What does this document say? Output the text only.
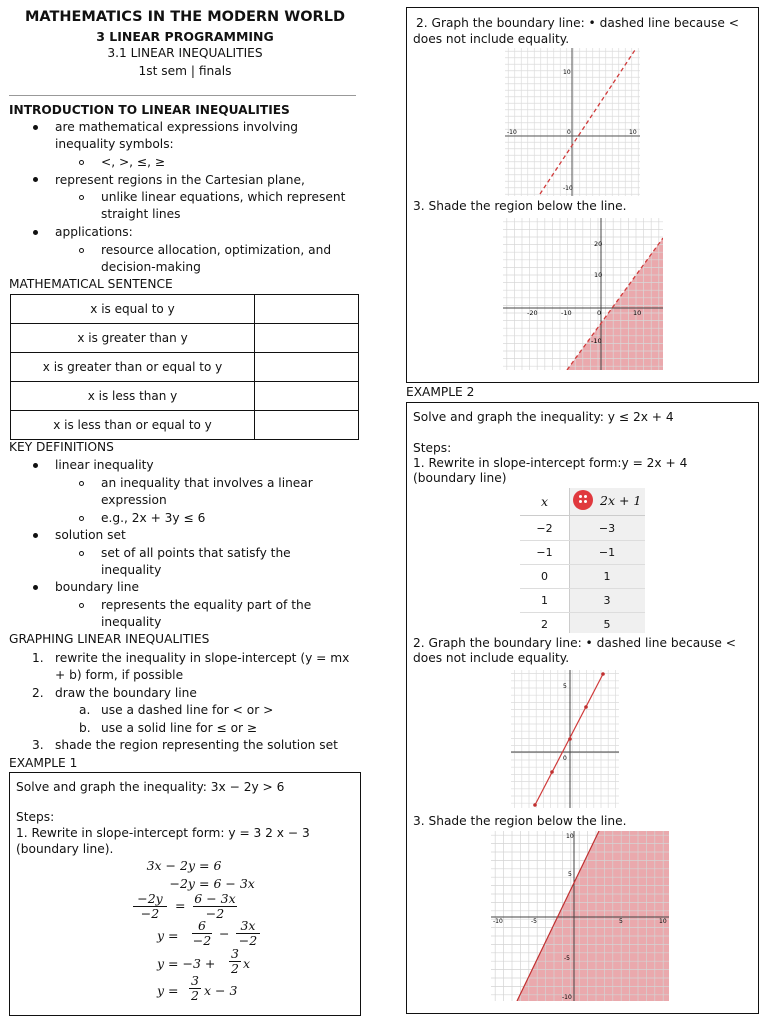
MATHEMATICS IN THE MODERN WORLD
3 LINEAR PROGRAMMING
3.1 LINEAR INEQUALITIES
1st sem | finals
INTRODUCTION TO LINEAR INEQUALITIES
are mathematical expressions involving
inequality symbols:
<, >, ≤, ≥
represent regions in the Cartesian plane,
unlike linear equations, which represent
straight lines
applications:
resource allocation, optimization, and
decision-making
MATHEMATICAL SENTENCE
x is equal to y	
x is greater than y	
x is greater than or equal to y	
x is less than y	
x is less than or equal to y	
KEY DEFINITIONS
linear inequality
an inequality that involves a linear
expression
e.g., 2x + 3y ≤ 6
solution set
set of all points that satisfy the
inequality
boundary line
represents the equality part of the
inequality
GRAPHING LINEAR INEQUALITIES
1. rewrite the inequality in slope-intercept (y = mx
+ b) form, if possible
2. draw the boundary line
a. use a dashed line for < or >
b. use a solid line for ≤ or ≥
3. shade the region representing the solution set
EXAMPLE 1
Solve and graph the inequality: 3x − 2y > 6
Steps:
1. Rewrite in slope-intercept form: y = 3 2 x − 3
(boundary line).
3x − 2y = 6
−2y = 6 − 3x
−2y
−2
= 6 − 3x
−2
y =
6
−2 −
3x
−2
y = −3 +
3
2 x
y =
3
2 x − 3
2. Graph the boundary line: • dashed line because <
does not include equality.
-10	10
10
-10
0
3. Shade the region below the line.
-20	-10	0	10
20
10
-10
EXAMPLE 2
Solve and graph the inequality: y ≤ 2x + 4
Steps:
1. Rewrite in slope-intercept form:y = 2x + 4
(boundary line)
x	2x + 1
−2	−3
−1	−1
0	1
1	3
2	5
2. Graph the boundary line: • dashed line because <
does not include equality.
5
0
3. Shade the region below the line.
-10	-5	5	10
10
5
-5
-10
